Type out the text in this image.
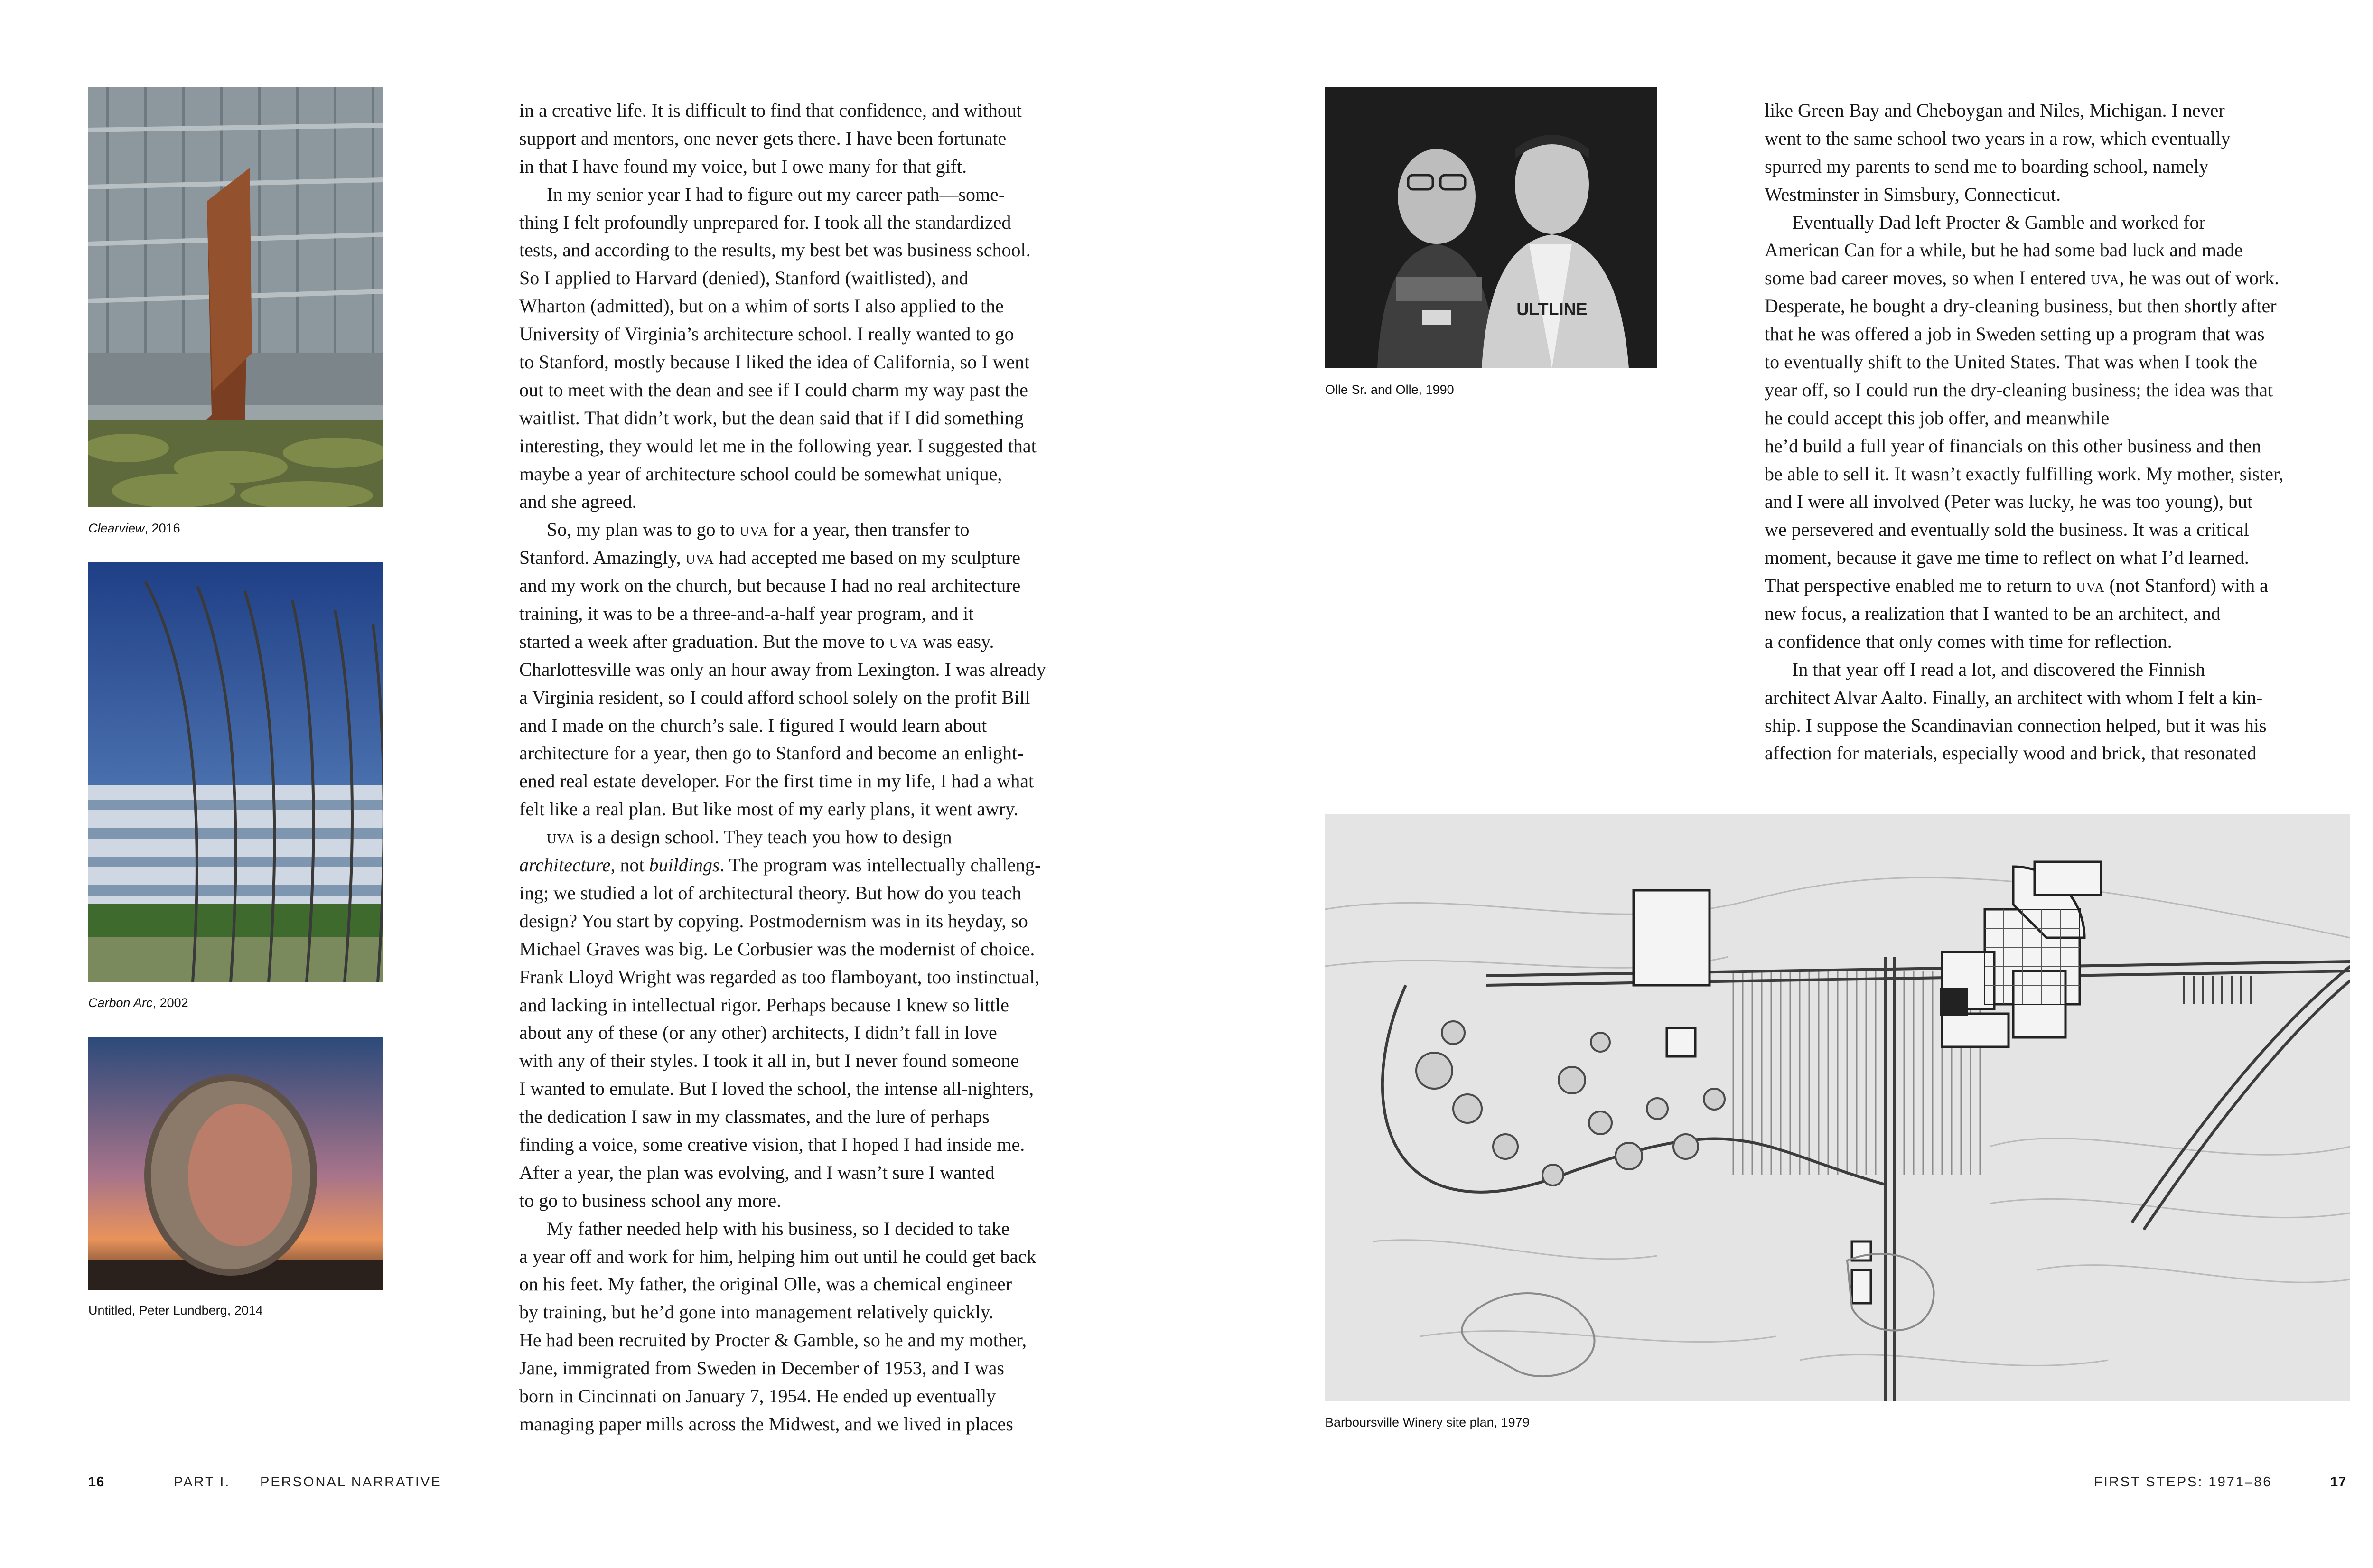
Clearview, 2016
Carbon Arc, 2002
Untitled, Peter Lundberg, 2014
in a creative life. It is difficult to find that confidence, and without
support and mentors, one never gets there. I have been fortunate
in that I have found my voice, but I owe many for that gift.
In my senior year I had to figure out my career path—some-
thing I felt profoundly unprepared for. I took all the standardized
tests, and according to the results, my best bet was business school.
So I applied to Harvard (denied), Stanford (waitlisted), and
Wharton (admitted), but on a whim of sorts I also applied to the
University of Virginia’s architecture school. I really wanted to go
to Stanford, mostly because I liked the idea of California, so I went
out to meet with the dean and see if I could charm my way past the
waitlist. That didn’t work, but the dean said that if I did something
interesting, they would let me in the following year. I suggested that
maybe a year of architecture school could be somewhat unique,
and she agreed.
So, my plan was to go to uva for a year, then transfer to
Stanford. Amazingly, uva had accepted me based on my sculpture
and my work on the church, but because I had no real architecture
training, it was to be a three-and-a-half year program, and it
started a week after graduation. But the move to uva was easy.
Charlottesville was only an hour away from Lexington. I was already
a Virginia resident, so I could afford school solely on the profit Bill
and I made on the church’s sale. I figured I would learn about
architecture for a year, then go to Stanford and become an enlight-
ened real estate developer. For the first time in my life, I had a what
felt like a real plan. But like most of my early plans, it went awry.
uva is a design school. They teach you how to design
architecture, not buildings. The program was intellectually challeng-
ing; we studied a lot of architectural theory. But how do you teach
design? You start by copying. Postmodernism was in its heyday, so
Michael Graves was big. Le Corbusier was the modernist of choice.
Frank Lloyd Wright was regarded as too flamboyant, too instinctual,
and lacking in intellectual rigor. Perhaps because I knew so little
about any of these (or any other) architects, I didn’t fall in love
with any of their styles. I took it all in, but I never found someone
I wanted to emulate. But I loved the school, the intense all-nighters,
the dedication I saw in my classmates, and the lure of perhaps
finding a voice, some creative vision, that I hoped I had inside me.
After a year, the plan was evolving, and I wasn’t sure I wanted
to go to business school any more.
My father needed help with his business, so I decided to take
a year off and work for him, helping him out until he could get back
on his feet. My father, the original Olle, was a chemical engineer
by training, but he’d gone into management relatively quickly.
He had been recruited by Procter & Gamble, so he and my mother,
Jane, immigrated from Sweden in December of 1953, and I was
born in Cincinnati on January 7, 1954. He ended up eventually
managing paper mills across the Midwest, and we lived in places
ULTLINE
Olle Sr. and Olle, 1990
like Green Bay and Cheboygan and Niles, Michigan. I never
went to the same school two years in a row, which eventually
spurred my parents to send me to boarding school, namely
Westminster in Simsbury, Connecticut.
Eventually Dad left Procter & Gamble and worked for
American Can for a while, but he had some bad luck and made
some bad career moves, so when I entered uva, he was out of work.
Desperate, he bought a dry-cleaning business, but then shortly after
that he was offered a job in Sweden setting up a program that was
to eventually shift to the United States. That was when I took the
year off, so I could run the dry-cleaning business; the idea was that
he could accept this job offer, and meanwhile
he’d build a full year of financials on this other business and then
be able to sell it. It wasn’t exactly fulfilling work. My mother, sister,
and I were all involved (Peter was lucky, he was too young), but
we persevered and eventually sold the business. It was a critical
moment, because it gave me time to reflect on what I’d learned.
That perspective enabled me to return to uva (not Stanford) with a
new focus, a realization that I wanted to be an architect, and
a confidence that only comes with time for reflection.
In that year off I read a lot, and discovered the Finnish
architect Alvar Aalto. Finally, an architect with whom I felt a kin-
ship. I suppose the Scandinavian connection helped, but it was his
affection for materials, especially wood and brick, that resonated
Barboursville Winery site plan, 1979
16	PART I. PERSONAL NARRATIVE	FIRST STEPS: 1971–86	17
